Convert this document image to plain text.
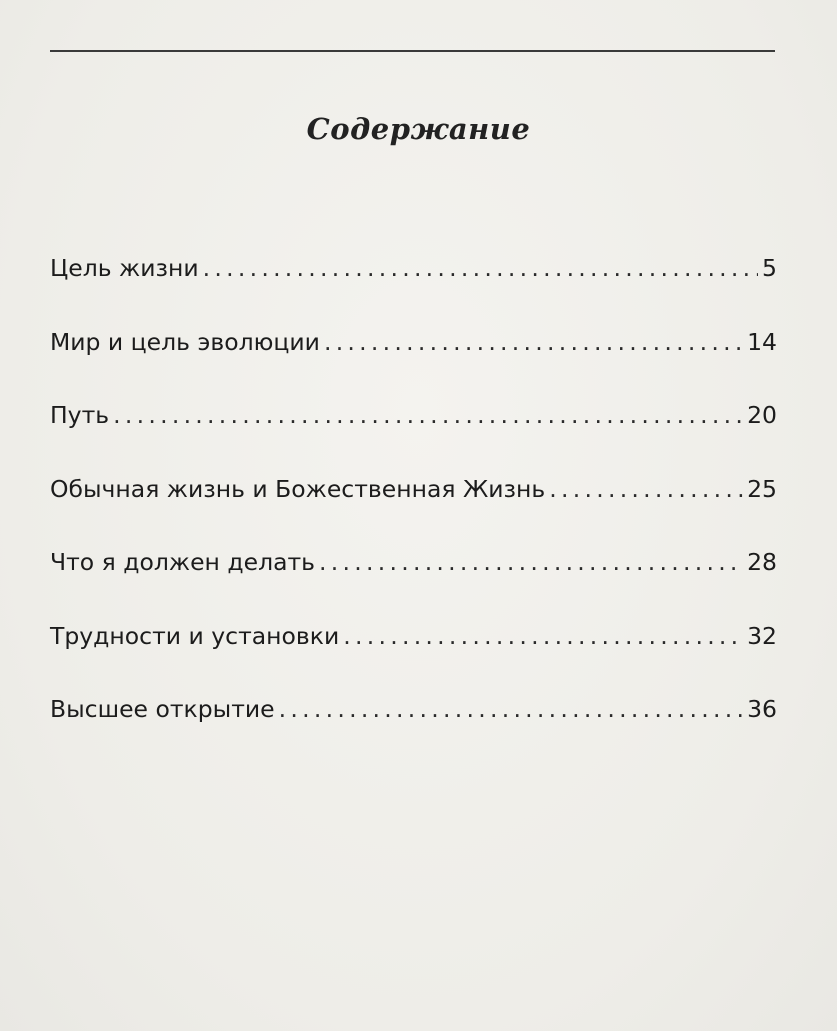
Содержание
Цель жизни . . .	5
Мир и цель эволюции . . .	14
Путь . . .	20
Обычная жизнь и Божественная Жизнь . . .	25
Что я должен делать . . .	28
Трудности и установки . . .	32
Высшее открытие . . .	36
